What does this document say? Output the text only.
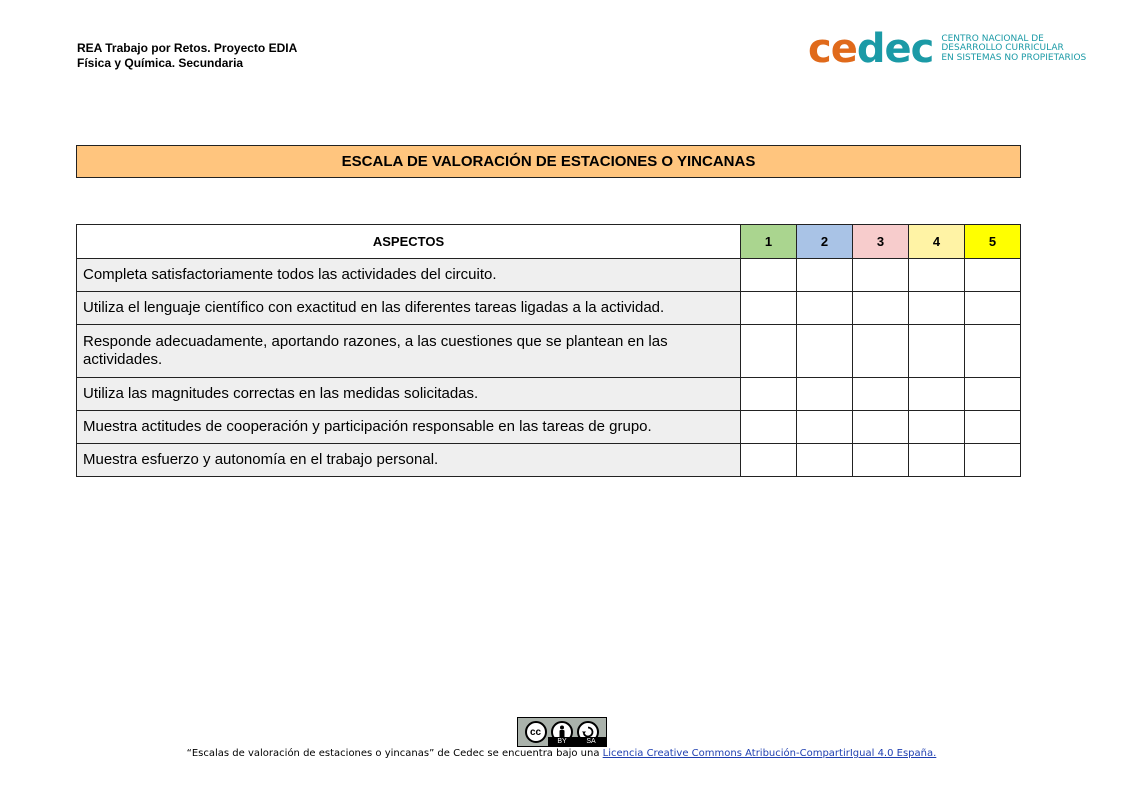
REA Trabajo por Retos. Proyecto EDIA
Física y Química. Secundaria	cedec CENTRO NACIONAL DE
DESARROLLO CURRICULAR
EN SISTEMAS NO PROPIETARIOS
ESCALA DE VALORACIÓN DE ESTACIONES O YINCANAS
ASPECTOS	1	2	3	4	5
Completa satisfactoriamente todos las actividades del circuito.					
Utiliza el lenguaje científico con exactitud en las diferentes tareas ligadas a la actividad.					
Responde adecuadamente, aportando razones, a las cuestiones que se plantean en las actividades.					
Utiliza las magnitudes correctas en las medidas solicitadas.					
Muestra actitudes de cooperación y participación responsable en las tareas de grupo.					
Muestra esfuerzo y autonomía en el trabajo personal.					
cc
BY	SA
“Escalas de valoración de estaciones o yincanas” de Cedec se encuentra bajo una Licencia Creative Commons Atribución-CompartirIgual 4.0 España.
